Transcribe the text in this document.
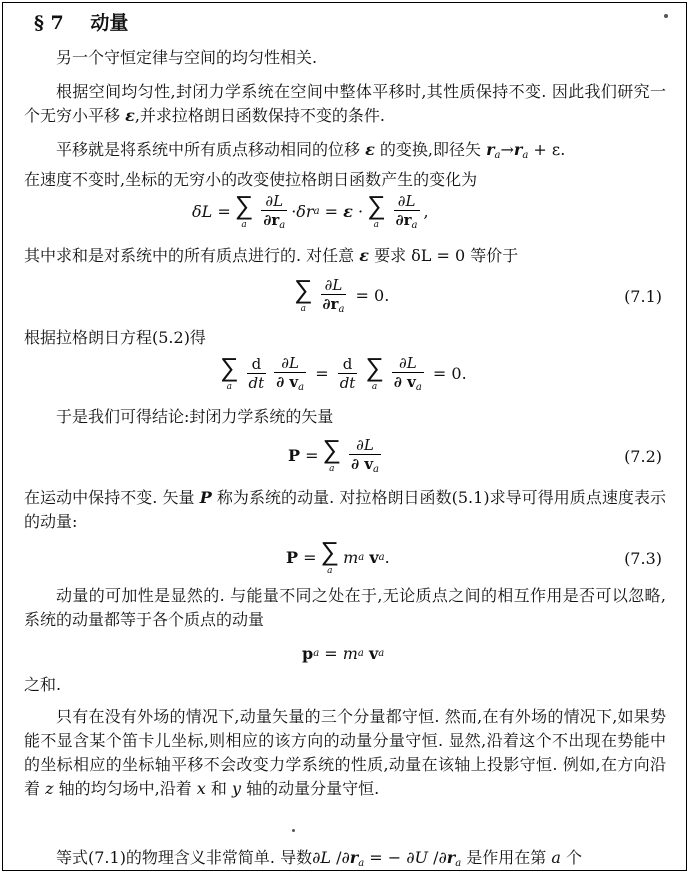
§ 7 动量
另一个守恒定律与空间的均匀性相关.
根据空间均匀性,封闭力学系统在空间中整体平移时,其性质保持不变. 因此我们研究一个无穷小平移 ε,并求拉格朗日函数保持不变的条件.
平移就是将系统中所有质点移动相同的位移 ε 的变换,即径矢 $r_a\to r_a + \varepsilon$.
在速度不变时,坐标的无穷小的改变使拉格朗日函数产生的变化为
δL
= ∑
a $\frac{\partial L}{\partial r_a} \cdot \delta r$ a
=
ε
· ∑
a $\frac{\partial L}{\partial r_a}$ ,
其中求和是对系统中的所有质点进行的. 对任意 ε 要求 δL = 0 等价于
∑
a $\frac{\partial L}{\partial r_a}$
= 0.	(7.1)
根据拉格朗日方程(5.2)得
∑
a $\frac{d}{dt} \frac{\partial L}{\partial v_a}$
=
$\frac{d}{dt}$ ∑
a $\frac{\partial L}{\partial v_a}$
= 0.
于是我们可得结论:封闭力学系统的矢量
P
= ∑
a $\frac{\partial L}{\partial v_a}$	(7.2)
在运动中保持不变. 矢量 P 称为系统的动量. 对拉格朗日函数(5.1)求导可得用质点速度表示的动量:
P
= ∑
a
m a
v a .	(7.3)
动量的可加性是显然的. 与能量不同之处在于,无论质点之间的相互作用是否可以忽略,系统的动量都等于各个质点的动量
p a
=
m a
v a
之和.
只有在没有外场的情况下,动量矢量的三个分量都守恒. 然而,在有外场的情况下,如果势能不显含某个笛卡儿坐标,则相应的该方向的动量分量守恒. 显然,沿着这个不出现在势能中的坐标相应的坐标轴平移不会改变力学系统的性质,动量在该轴上投影守恒. 例如,在方向沿着 z 轴的均匀场中,沿着 x 和 y 轴的动量分量守恒.
等式(7.1)的物理含义非常简单. 导数∂L $/\partial r_a$ = − ∂U $/\partial r_a$ 是作用在第 a 个
